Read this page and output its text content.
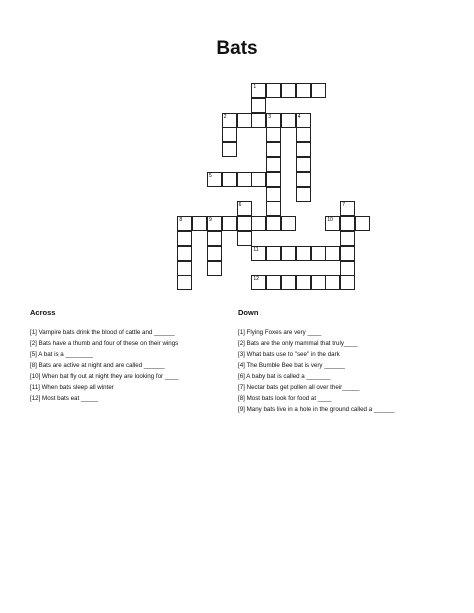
Bats
1
2	3	4
5
6	7
8	9	10
11
12
Across
[1] Vampire bats drink the blood of cattle and ______
[2] Bats have a thumb and four of these on their wings
[5] A bat is a ________
[8] Bats are active at night and are called ______
[10] When bat fly out at night they are looking for ____
[11] When bats sleep all winter
[12] Most bats eat _____
Down
[1] Flying Foxes are very ____
[2] Bats are the only mammal that truly____
[3] What bats use to "see" in the dark
[4] The Bumble Bee bat is very ______
[6] A baby bat is called a _______
[7] Nectar bats get pollen all over their_____
[8] Most bats look for food at ____
[9] Many bats live in a hole in the ground called a ______
